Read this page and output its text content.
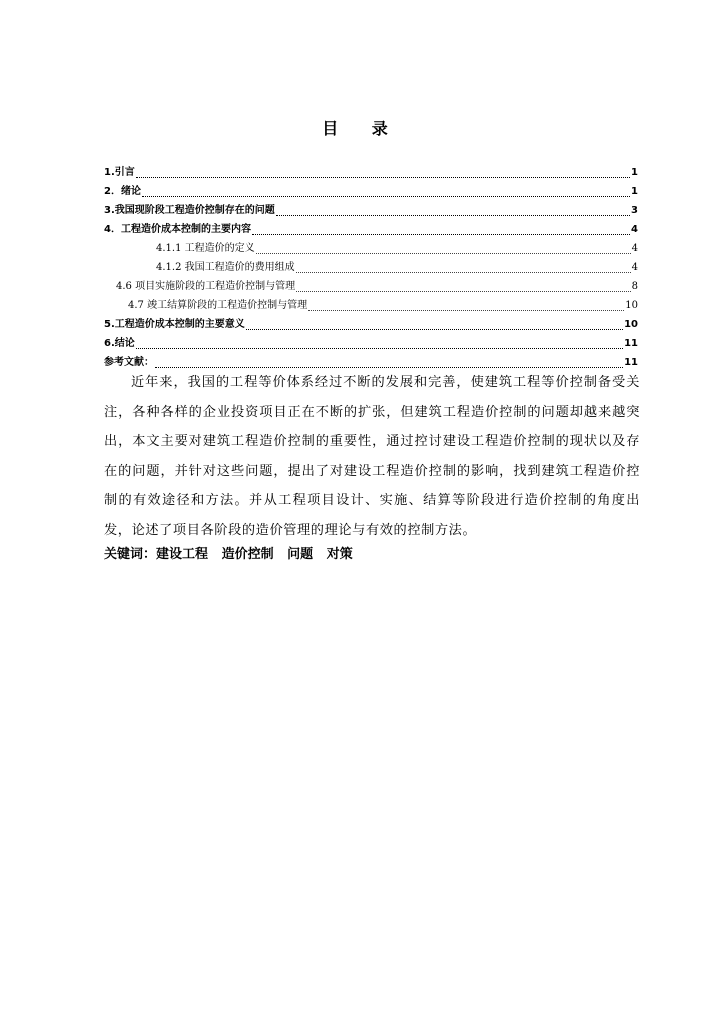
目 录
1.引言	1
2．绪论	1
3.我国现阶段工程造价控制存在的问题	3
4．工程造价成本控制的主要内容	4
4.1.1 工程造价的定义	4
4.1.2 我国工程造价的费用组成	4
4.6 项目实施阶段的工程造价控制与管理	8
4.7 竣工结算阶段的工程造价控制与管理	10
5.工程造价成本控制的主要意义	10
6.结论	11
参考文献：	11

近年来，我国的工程等价体系经过不断的发展和完善，使建筑工程等价控制备受关注，各种各样的企业投资项目正在不断的扩张，但建筑工程造价控制的问题却越来越突出，本文主要对建筑工程造价控制的重要性，通过控讨建设工程造价控制的现状以及存在的问题，并针对这些问题，提出了对建设工程造价控制的影响，找到建筑工程造价控制的有效途径和方法。并从工程项目设计、实施、结算等阶段进行造价控制的角度出发，论述了项目各阶段的造价管理的理论与有效的控制方法。

关键词：建设工程   造价控制   问题   对策
